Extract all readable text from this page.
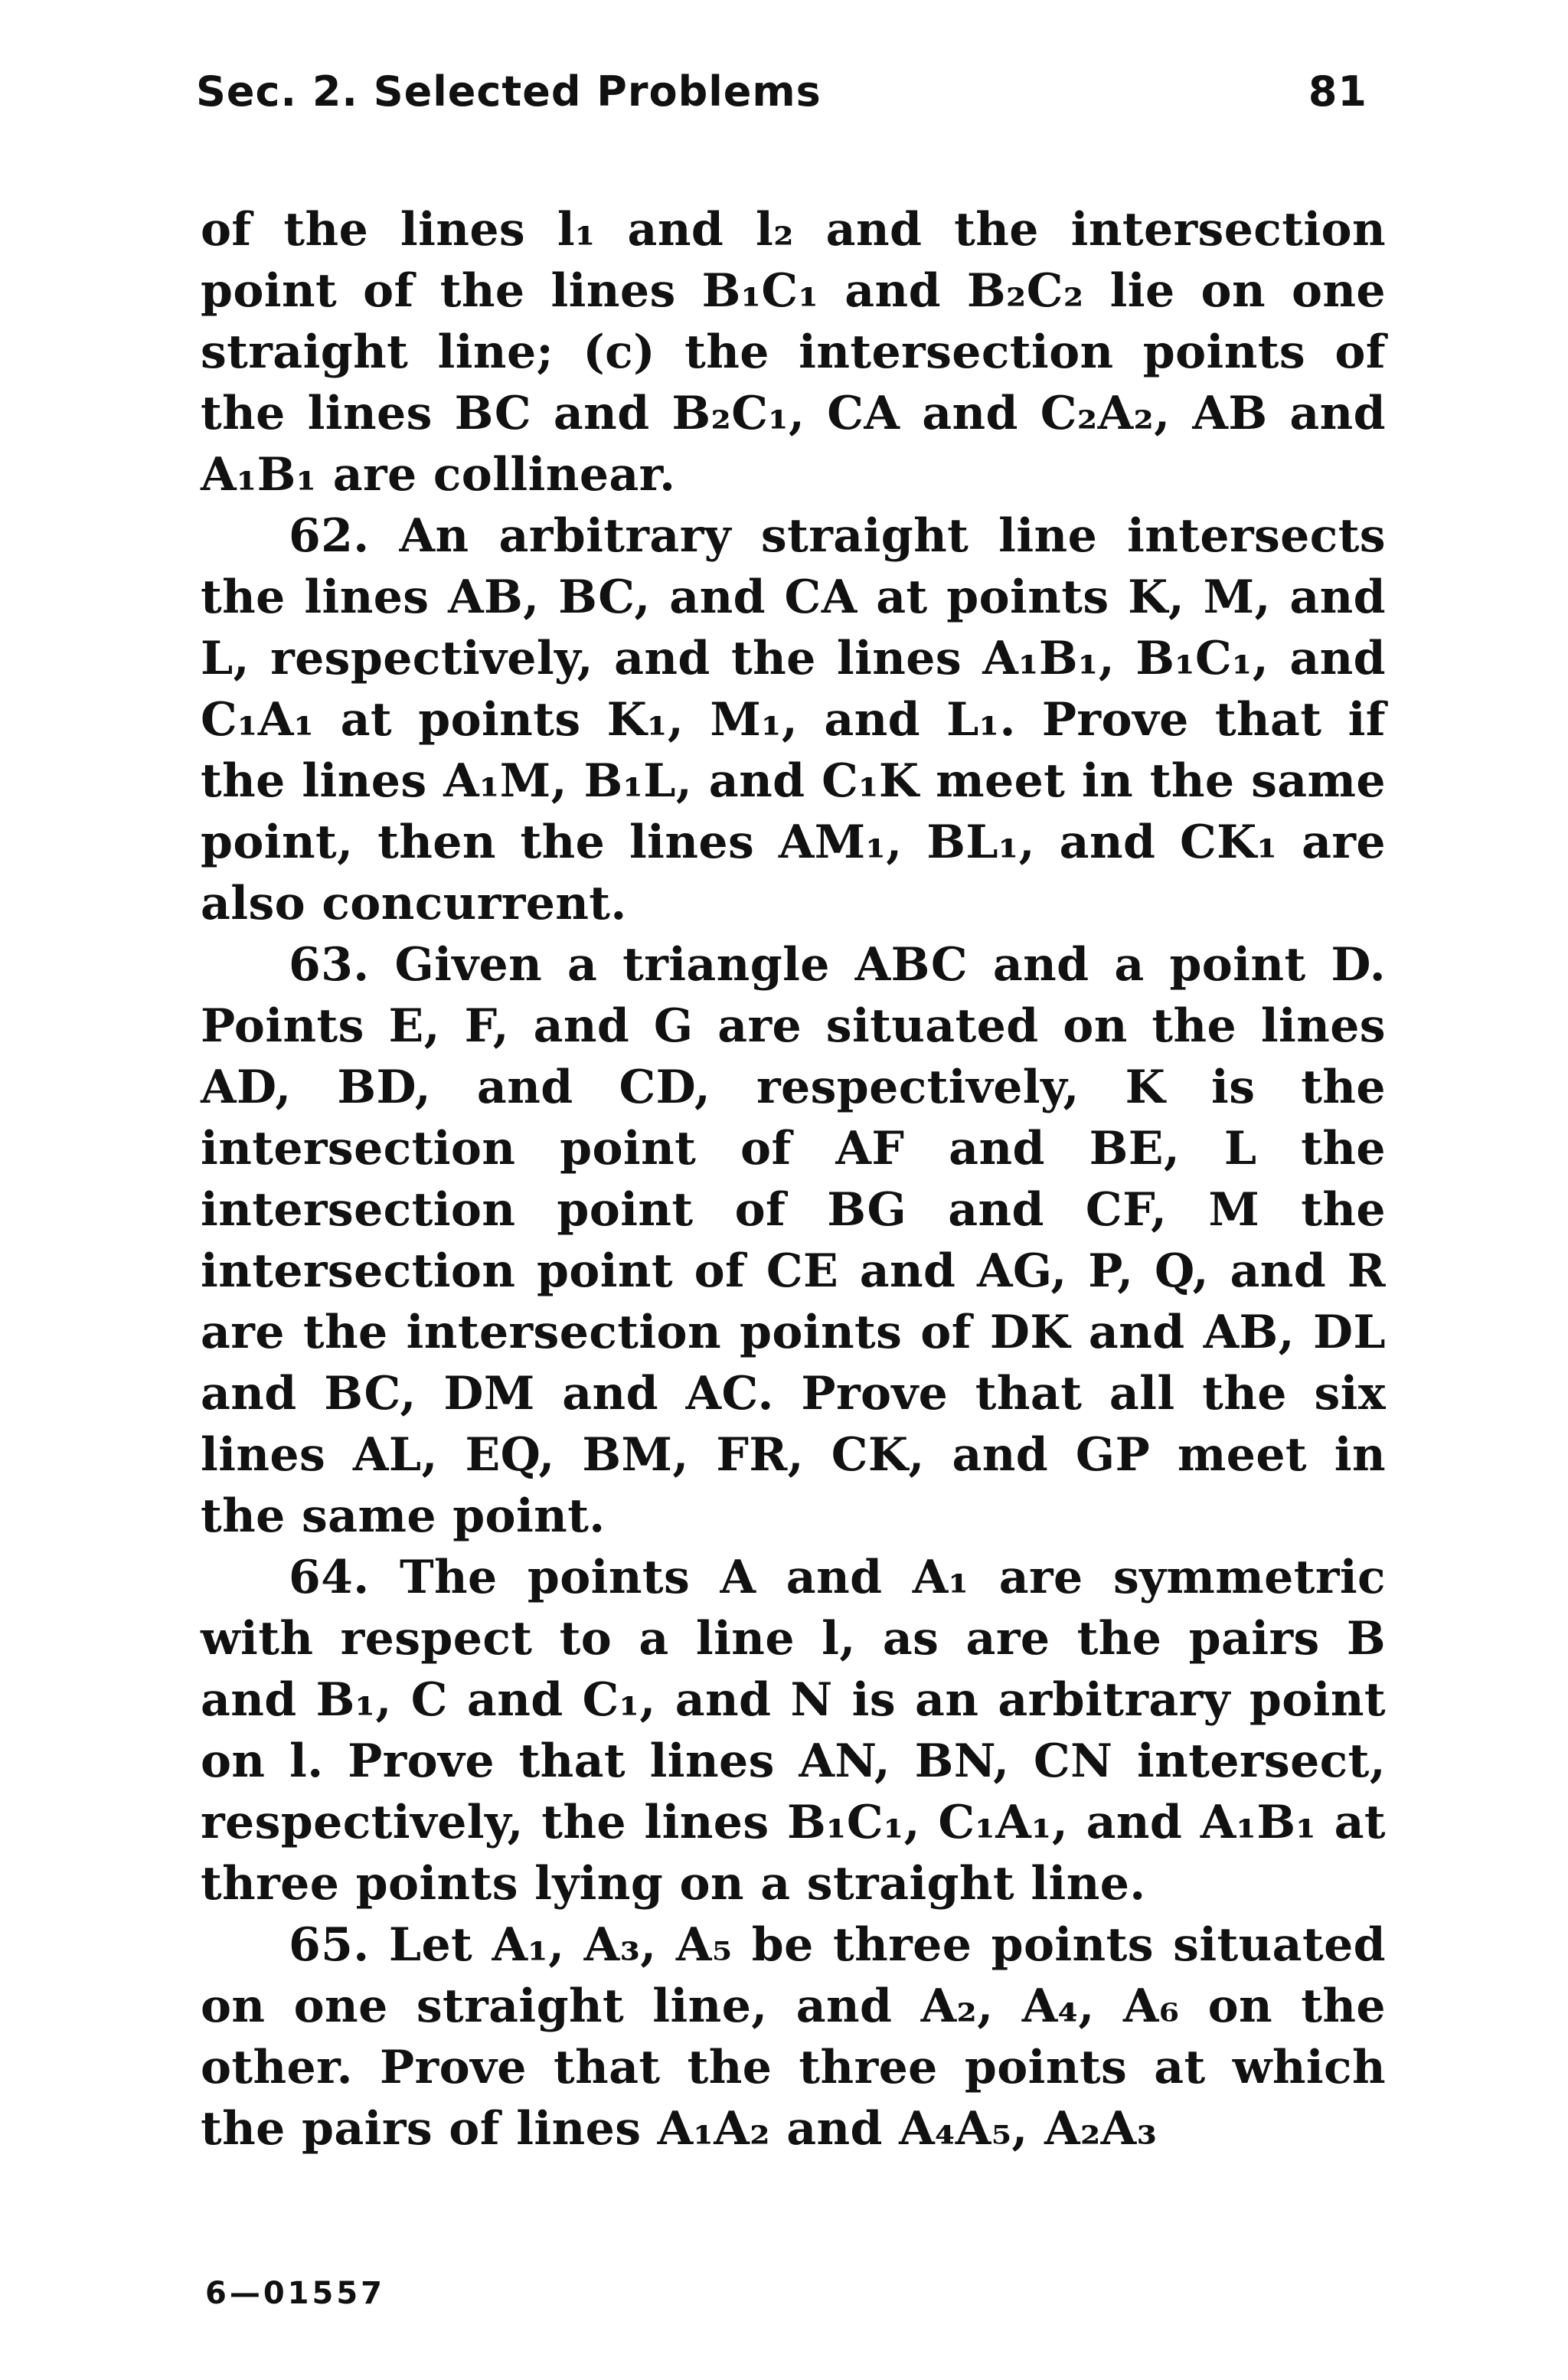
Sec. 2. Selected Problems	81

of the lines l₁ and l₂ and the intersection point of the lines B₁C₁ and B₂C₂ lie on one straight line; (c) the intersection points of the lines BC and B₂C₁, CA and C₂A₂, AB and A₁B₁ are collinear.

62. An arbitrary straight line intersects the lines AB, BC, and CA at points K, M, and L, respectively, and the lines A₁B₁, B₁C₁, and C₁A₁ at points K₁, M₁, and L₁. Prove that if the lines A₁M, B₁L, and C₁K meet in the same point, then the lines AM₁, BL₁, and CK₁ are also concurrent.

63. Given a triangle ABC and a point D. Points E, F, and G are situated on the lines AD, BD, and CD, respectively, K is the intersection point of AF and BE, L the intersection point of BG and CF, M the intersection point of CE and AG, P, Q, and R are the intersection points of DK and AB, DL and BC, DM and AC. Prove that all the six lines AL, EQ, BM, FR, CK, and GP meet in the same point.

64. The points A and A₁ are symmetric with respect to a line l, as are the pairs B and B₁, C and C₁, and N is an arbitrary point on l. Prove that lines AN, BN, CN intersect, respectively, the lines B₁C₁, C₁A₁, and A₁B₁ at three points lying on a straight line.

65. Let A₁, A₃, A₅ be three points situated on one straight line, and A₂, A₄, A₆ on the other. Prove that the three points at which the pairs of lines A₁A₂ and A₄A₅, A₂A₃

6—01557
